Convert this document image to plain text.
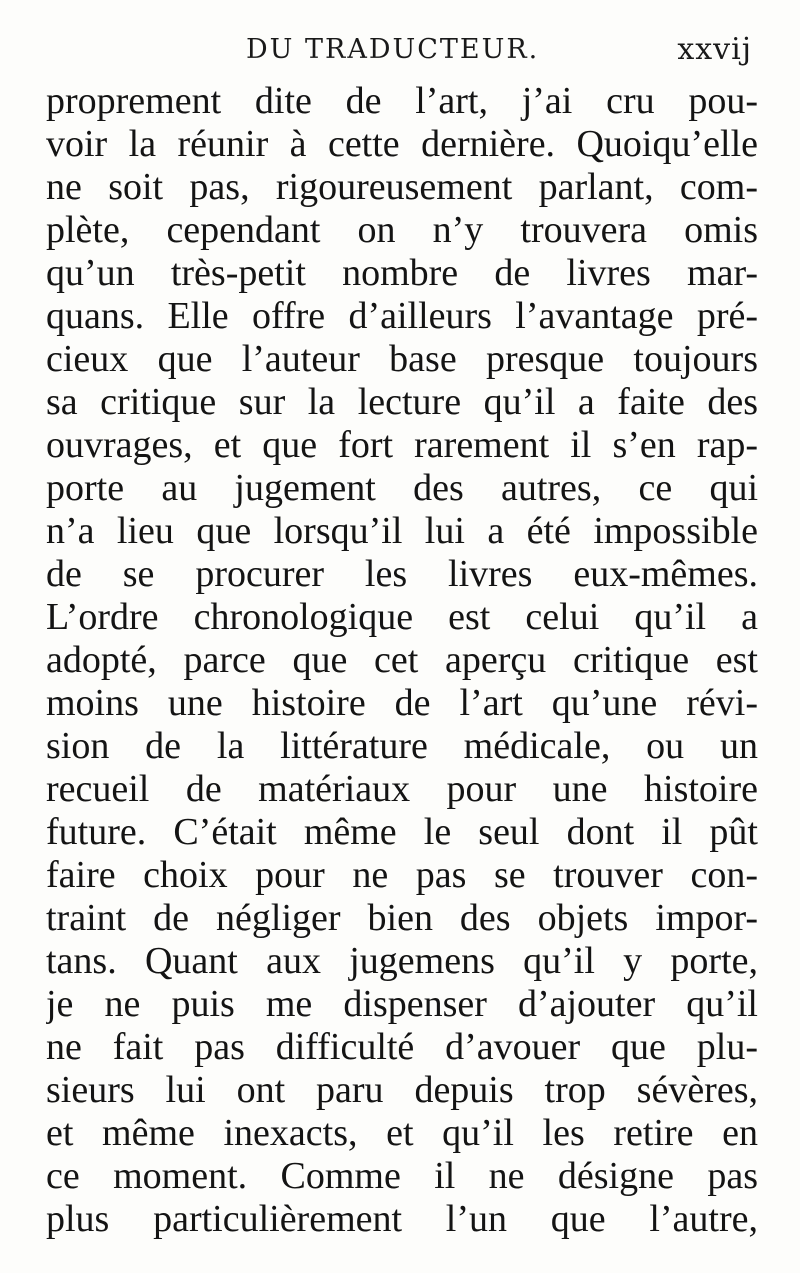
DU TRADUCTEUR.	xxvij
proprement dite de l’art, j’ai cru pou-
voir la réunir à cette dernière. Quoiqu’elle
ne soit pas, rigoureusement parlant, com-
plète, cependant on n’y trouvera omis
qu’un très-petit nombre de livres mar-
quans. Elle offre d’ailleurs l’avantage pré-
cieux que l’auteur base presque toujours
sa critique sur la lecture qu’il a faite des
ouvrages, et que fort rarement il s’en rap-
porte au jugement des autres, ce qui
n’a lieu que lorsqu’il lui a été impossible
de se procurer les livres eux-mêmes.
L’ordre chronologique est celui qu’il a
adopté, parce que cet aperçu critique est
moins une histoire de l’art qu’une révi-
sion de la littérature médicale, ou un
recueil de matériaux pour une histoire
future. C’était même le seul dont il pût
faire choix pour ne pas se trouver con-
traint de négliger bien des objets impor-
tans. Quant aux jugemens qu’il y porte,
je ne puis me dispenser d’ajouter qu’il
ne fait pas difficulté d’avouer que plu-
sieurs lui ont paru depuis trop sévères,
et même inexacts, et qu’il les retire en
ce moment. Comme il ne désigne pas
plus particulièrement l’un que l’autre,
